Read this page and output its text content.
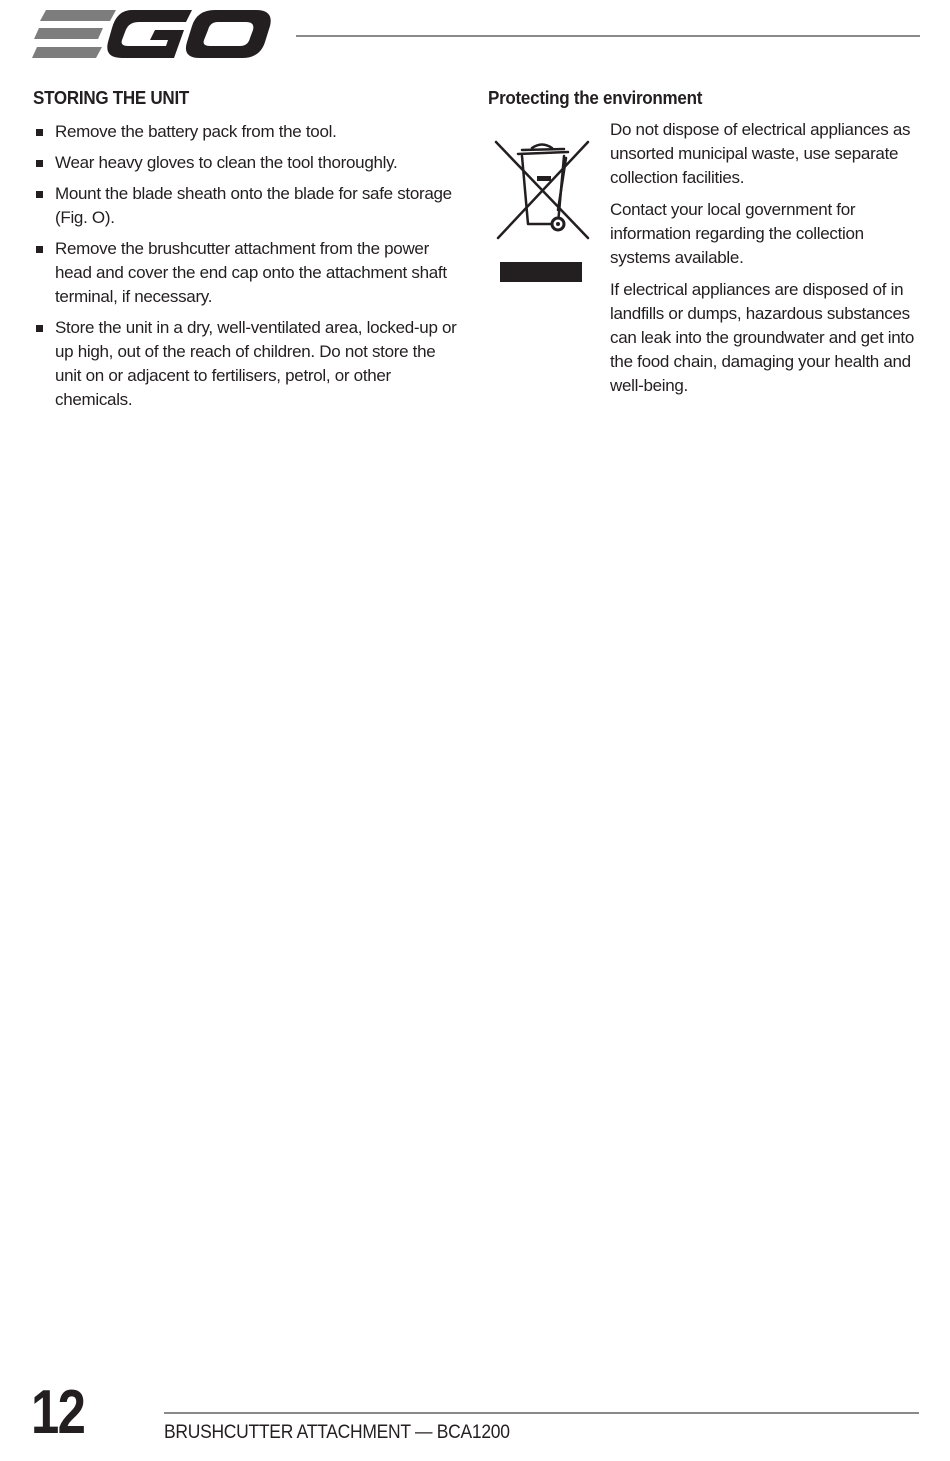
STORING THE UNIT
Remove the battery pack from the tool.
Wear heavy gloves to clean the tool thoroughly.
Mount the blade sheath onto the blade for safe storage (Fig. O).
Remove the brushcutter attachment from the power head and cover the end cap onto the attachment shaft terminal, if necessary.
Store the unit in a dry, well-ventilated area, locked-up or up high, out of the reach of children. Do not store the unit on or adjacent to fertilisers, petrol, or other chemicals.
Protecting the environment

Do not dispose of electrical appliances as unsorted municipal waste, use separate collection facilities.

Contact your local government for information regarding the collection systems available.

If electrical appliances are disposed of in landfills or dumps, hazardous substances can leak into the groundwater and get into the food chain, damaging your health and well-being.

12	BRUSHCUTTER ATTACHMENT — BCA1200
